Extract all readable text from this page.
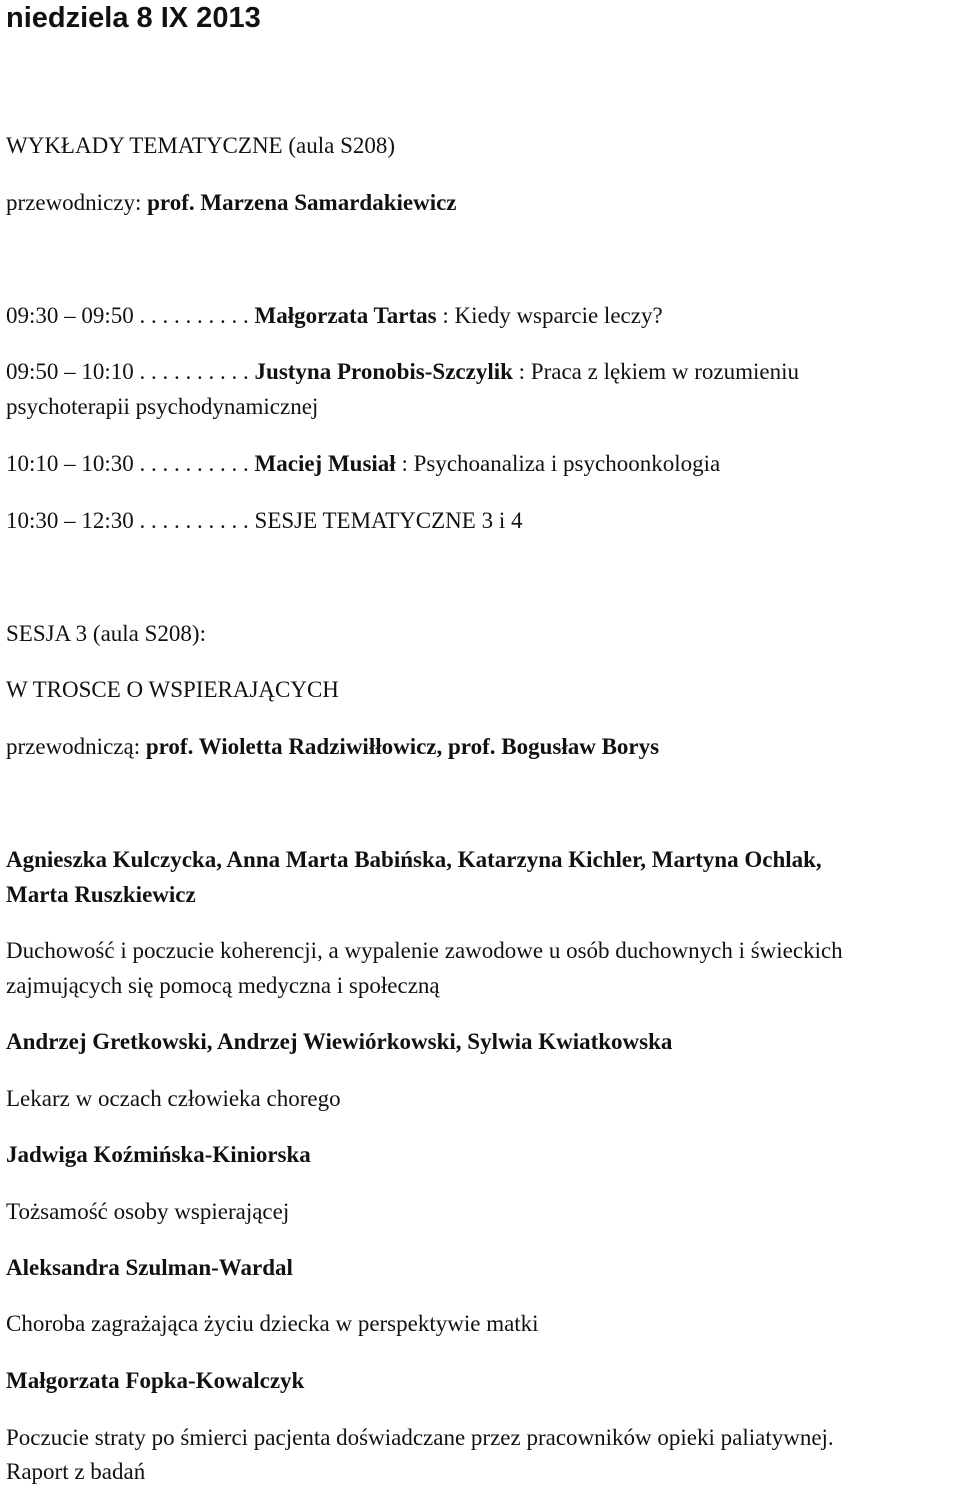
niedziela 8 IX 2013
WYKŁADY TEMATYCZNE (aula S208)
przewodniczy: prof. Marzena Samardakiewicz
09:30 – 09:50 . . . . . . . . . . Małgorzata Tartas : Kiedy wsparcie leczy?
09:50 – 10:10 . . . . . . . . . . Justyna Pronobis-Szczylik : Praca z lękiem w rozumieniu
psychoterapii psychodynamicznej
10:10 – 10:30 . . . . . . . . . . Maciej Musiał : Psychoanaliza i psychoonkologia
10:30 – 12:30 . . . . . . . . . . SESJE TEMATYCZNE 3 i 4
SESJA 3 (aula S208):
W TROSCE O WSPIERAJĄCYCH
przewodniczą: prof. Wioletta Radziwiłłowicz, prof. Bogusław Borys
Agnieszka Kulczycka, Anna Marta Babińska, Katarzyna Kichler, Martyna Ochlak,
Marta Ruszkiewicz
Duchowość i poczucie koherencji, a wypalenie zawodowe u osób duchownych i świeckich
zajmujących się pomocą medyczna i społeczną
Andrzej Gretkowski, Andrzej Wiewiórkowski, Sylwia Kwiatkowska
Lekarz w oczach człowieka chorego
Jadwiga Koźmińska-Kiniorska
Tożsamość osoby wspierającej
Aleksandra Szulman-Wardal
Choroba zagrażająca życiu dziecka w perspektywie matki
Małgorzata Fopka-Kowalczyk
Poczucie straty po śmierci pacjenta doświadczane przez pracowników opieki paliatywnej.
Raport z badań
